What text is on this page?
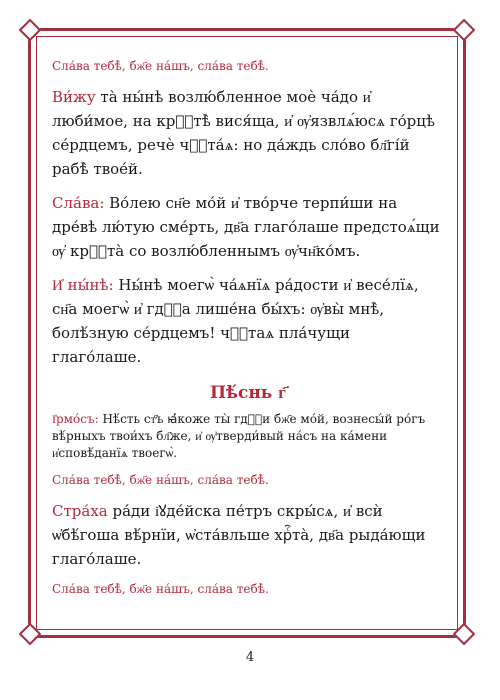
Сла́ва тебѣ̀, бж҃е на́шъ, сла́ва тебѣ̀.

Ви́жу та̀ ны́нѣ возлю́бленное моѐ ча́до и҆ люби́мое, на крⷭ҇тѣ̀ вися́ща, и҆ ѹ҆язвлѧ́юсѧ го́рцѣ се́рдцемъ, речѐ чⷭ҇та́ѧ: но да́ждь сло́во бл҃гі́й рабѣ̀ твое́й.

Сла́ва: Во́лею сн҃е мо́й и҆ тво́рче терпи́ши на дре́вѣ лю́тую сме́рть, дв҃а глаго́лаше предстоѧ́щи ѹ҆ крⷭ҇та̀ со возлю́бленнымъ ѹ҆чн҃ко́мъ.

И҆ ны́нѣ: Ны́нѣ моегѡ̀ ча́ѧнїѧ ра́дости и҆ весе́лїѧ, сн҃а моегѡ̀ и҆ гдⷭ҇а лише́на бы́хъ: ѹ҆вы̀ мнѣ̀, болѣ́зную се́рдцемъ! чⷭ҇таѧ пла́чущи глаго́лаше.

Пѣ́снь г҃

І҆рмо́съ: Нѣ́сть ст҃ъ ꙗ҆́коже ты̀ гдⷭ҇и бж҃е мо́й, вознесы́й ро́гъ вѣ́рныхъ твои́хъ бл҃же, и҆ ѹ҆тверди́вый на́съ на ка́мени и҆сповѣ́данїѧ твоегѡ̀.

Сла́ва тебѣ̀, бж҃е на́шъ, сла́ва тебѣ̀.

Стра́ха ра́ди і҆ꙋде́йска пе́тръ скры́сѧ, и҆ всѝ ѡ҆бѣ́гоша вѣ́рнїи, ѡ҆ста́вльше хрⷭ҇та̀, дв҃а рыда́ющи глаго́лаше.

Сла́ва тебѣ̀, бж҃е на́шъ, сла́ва тебѣ̀.

4
